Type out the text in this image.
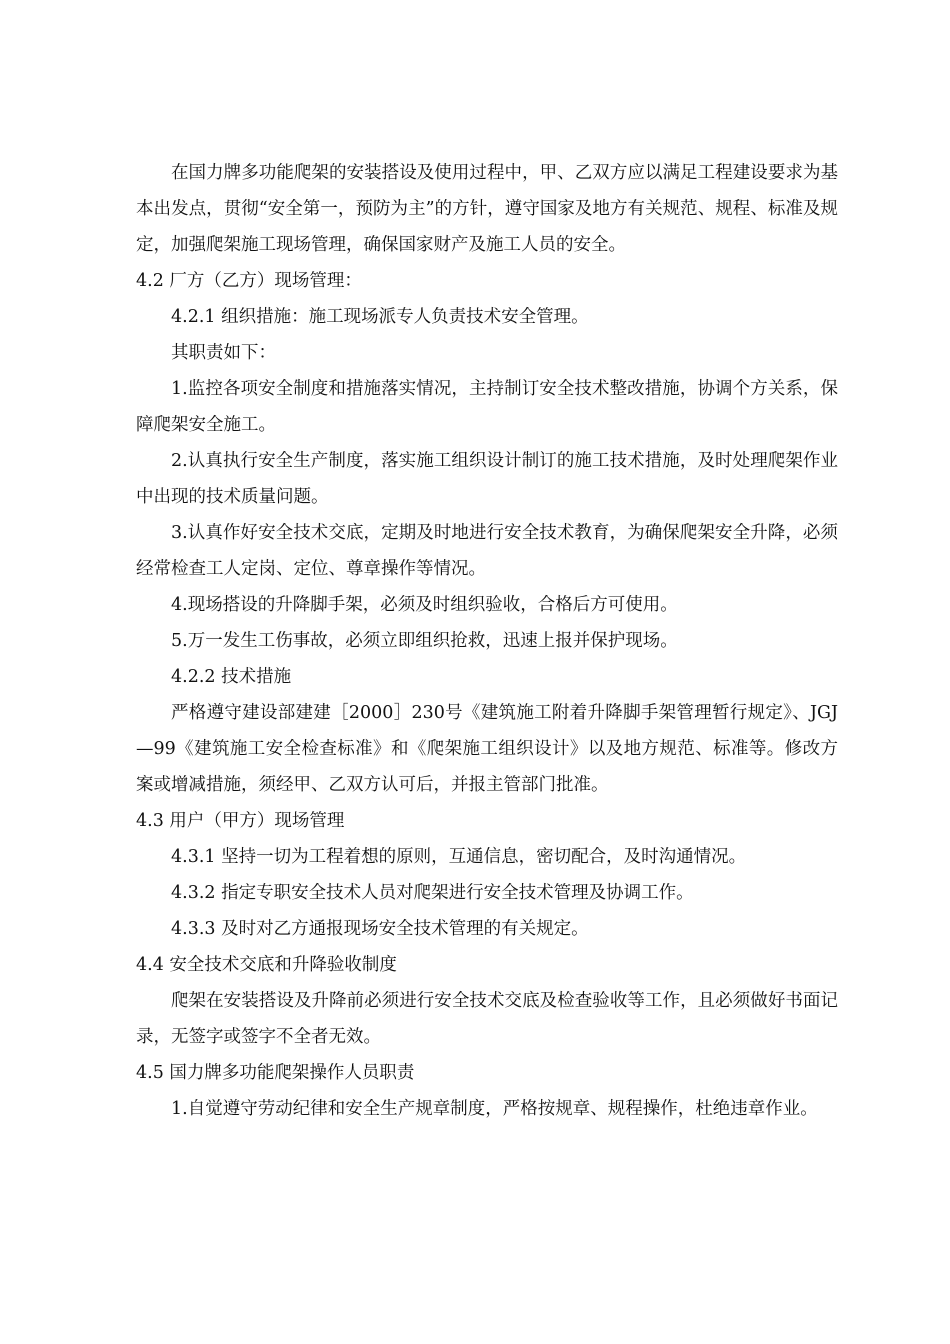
在国力牌多功能爬架的安装搭设及使用过程中，甲、乙双方应以满足工程建设要求为基本出发点，贯彻“安全第一，预防为主”的方针，遵守国家及地方有关规范、规程、标准及规定，加强爬架施工现场管理，确保国家财产及施工人员的安全。

4.2 厂方（乙方）现场管理：

4.2.1 组织措施：施工现场派专人负责技术安全管理。

其职责如下：

1.监控各项安全制度和措施落实情况，主持制订安全技术整改措施，协调个方关系，保障爬架安全施工。

2.认真执行安全生产制度，落实施工组织设计制订的施工技术措施，及时处理爬架作业中出现的技术质量问题。

3.认真作好安全技术交底，定期及时地进行安全技术教育，为确保爬架安全升降，必须经常检查工人定岗、定位、尊章操作等情况。

4.现场搭设的升降脚手架，必须及时组织验收，合格后方可使用。

5.万一发生工伤事故，必须立即组织抢救，迅速上报并保护现场。

4.2.2 技术措施

严格遵守建设部建建［2000］230号《建筑施工附着升降脚手架管理暂行规定》、JGJ—99《建筑施工安全检查标准》和《爬架施工组织设计》以及地方规范、标准等。修改方案或增减措施，须经甲、乙双方认可后，并报主管部门批准。

4.3 用户（甲方）现场管理

4.3.1 坚持一切为工程着想的原则，互通信息，密切配合，及时沟通情况。

4.3.2 指定专职安全技术人员对爬架进行安全技术管理及协调工作。

4.3.3 及时对乙方通报现场安全技术管理的有关规定。

4.4 安全技术交底和升降验收制度

爬架在安装搭设及升降前必须进行安全技术交底及检查验收等工作，且必须做好书面记录，无签字或签字不全者无效。

4.5 国力牌多功能爬架操作人员职责

1.自觉遵守劳动纪律和安全生产规章制度，严格按规章、规程操作，杜绝违章作业。
